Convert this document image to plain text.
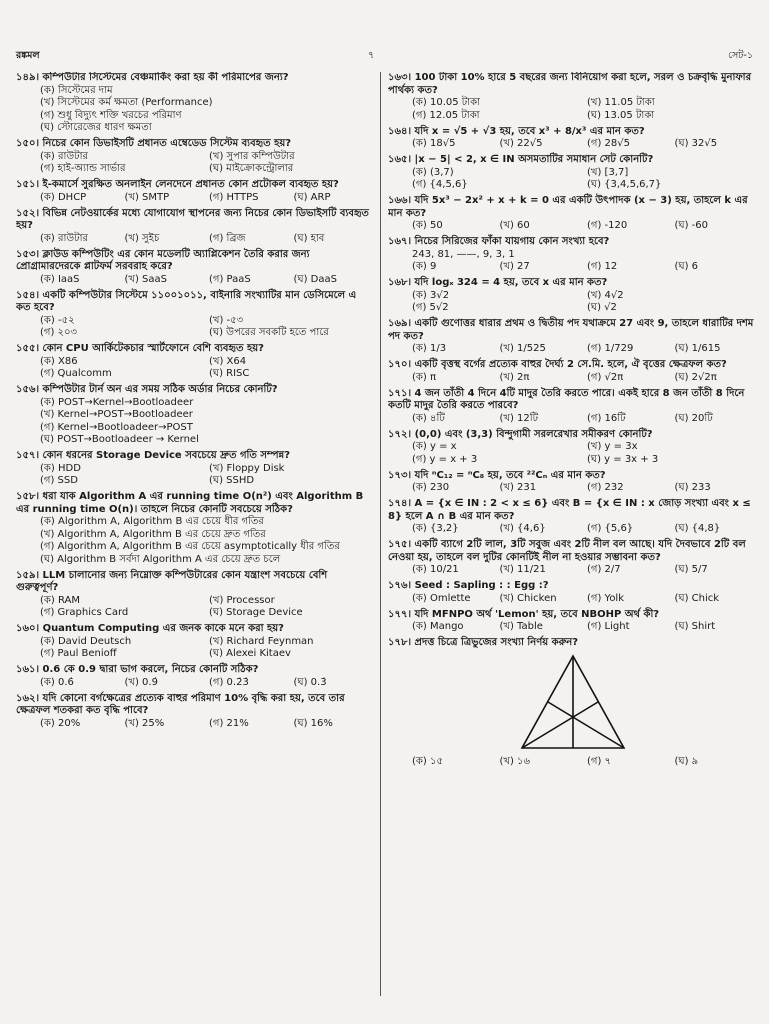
রঙ্কমল	৭	সেট-১
১৪৯। কম্পিউটার সিস্টেমের বেঞ্চমার্কিং করা হয় কী পরিমাপের জন্য?
(ক) সিস্টেমের দাম
(খ) সিস্টেমের কর্ম ক্ষমতা (Performance)
(গ) শুধু বিদ্যুৎ শক্তি খরচের পরিমাণ
(ঘ) স্টোরেজের ধারণ ক্ষমতা
১৫০। নিচের কোন ডিভাইসটি প্রধানত এম্বেডেড সিস্টেম ব্যবহৃত হয়?
(ক) রাউটার	(খ) সুপার কম্পিউটার
(গ) হাই-অ্যান্ড সার্ভার	(ঘ) মাইক্রোকন্ট্রোলার
১৫১। ই-কমার্সে সুরক্ষিত অনলাইন লেনদেনে প্রধানত কোন প্রটোকল ব্যবহৃত হয়?
(ক) DHCP	(খ) SMTP	(গ) HTTPS	(ঘ) ARP
১৫২। বিভিন্ন নেটওয়ার্কের মধ্যে যোগাযোগ স্থাপনের জন্য নিচের কোন ডিভাইসটি ব্যবহৃত হয়?
(ক) রাউটার	(খ) সুইচ	(গ) ব্রিজ	(ঘ) হাব
১৫৩। ক্লাউড কম্পিউটিং এর কোন মডেলটি অ্যাপ্লিকেশন তৈরি করার জন্য প্রোগ্রামারদেরকে প্লাটফর্ম সরবরাহ করে?
(ক) IaaS	(খ) SaaS	(গ) PaaS	(ঘ) DaaS
১৫৪। একটি কম্পিউটার সিস্টেমে ১১০০১০১১, বাইনারি সংখ্যাটির মান ডেসিমেলে এ কত হবে?
(ক) -৫২	(খ) -৫৩
(গ) ২০৩	(ঘ) উপরের সবকটি হতে পারে
১৫৫। কোন CPU আর্কিটেকচার স্মার্টফোনে বেশি ব্যবহৃত হয়?
(ক) X86	(খ) X64
(গ) Qualcomm	(ঘ) RISC
১৫৬। কম্পিউটার টার্ন অন এর সময় সঠিক অর্ডার নিচের কোনটি?
(ক) POST→Kernel→Bootloadeer
(খ) Kernel→POST→Bootloadeer
(গ) Kernel→Bootloadeer→POST
(ঘ) POST→Bootloadeer → Kernel
১৫৭। কোন ধরনের Storage Device সবচেয়ে দ্রুত গতি সম্পন্ন?
(ক) HDD	(খ) Floppy Disk
(গ) SSD	(ঘ) SSHD
১৫৮। ধরা যাক Algorithm A এর running time O(n²) এবং Algorithm B এর running time O(n)। তাহলে নিচের কোনটি সবচেয়ে সঠিক?
(ক) Algorithm A, Algorithm B এর চেয়ে ধীর গতির
(খ) Algorithm A, Algorithm B এর চেয়ে দ্রুত গতির
(গ) Algorithm A, Algorithm B এর চেয়ে asymptotically ধীর গতির
(ঘ) Algorithm B সর্বদা Algorithm A এর চেয়ে দ্রুত চলে
১৫৯। LLM চালানোর জন্য নিম্নোক্ত কম্পিউটারের কোন যন্ত্রাংশ সবচেয়ে বেশি গুরুত্বপূর্ণ?
(ক) RAM	(খ) Processor
(গ) Graphics Card	(ঘ) Storage Device
১৬০। Quantum Computing এর জনক কাকে মনে করা হয়?
(ক) David Deutsch	(খ) Richard Feynman
(গ) Paul Benioff	(ঘ) Alexei Kitaev
১৬১। 0.6 কে 0.9 দ্বারা ভাগ করলে, নিচের কোনটি সঠিক?
(ক) 0.6̇	(খ) 0.9̇	(গ) 0.2̇3̇	(ঘ) 0.3̇
১৬২। যদি কোনো বর্গক্ষেত্রের প্রত্যেক বাহুর পরিমাণ 10% বৃদ্ধি করা হয়, তবে তার ক্ষেত্রফল শতকরা কত বৃদ্ধি পাবে?
(ক) 20%	(খ) 25%	(গ) 21%	(ঘ) 16%
১৬৩। 100 টাকা 10% হারে 5 বছরের জন্য বিনিয়োগ করা হলে, সরল ও চক্রবৃদ্ধি মুনাফার পার্থক্য কত?
(ক) 10.05 টাকা	(খ) 11.05 টাকা
(গ) 12.05 টাকা	(ঘ) 13.05 টাকা
১৬৪। যদি x = √5 + √3 হয়, তবে x³ + 8/x³ এর মান কত?
(ক) 18√5	(খ) 22√5	(গ) 28√5	(ঘ) 32√5
১৬৫। |x − 5| < 2, x ∈ IN অসমতাটির সমাধান সেট কোনটি?
(ক) (3,7)	(খ) [3,7]
(গ) {4,5,6}	(ঘ) {3,4,5,6,7}
১৬৬। যদি 5x³ − 2x² + x + k = 0 এর একটি উৎপাদক (x − 3) হয়, তাহলে k এর মান কত?
(ক) 50	(খ) 60	(গ) -120	(ঘ) -60
১৬৭। নিচের সিরিজের ফাঁকা যায়গায় কোন সংখ্যা হবে?
243, 81, ——, 9, 3, 1
(ক) 9	(খ) 27	(গ) 12	(ঘ) 6
১৬৮। যদি logₓ 324 = 4 হয়, তবে x এর মান কত?
(ক) 3√2	(খ) 4√2
(গ) 5√2	(ঘ) √2
১৬৯। একটি গুণোত্তর ধারার প্রথম ও দ্বিতীয় পদ যথাক্রমে 27 এবং 9, তাহলে ধারাটির দশম পদ কত?
(ক) 1/3	(খ) 1/525	(গ) 1/729	(ঘ) 1/615
১৭০। একটি বৃত্তস্থ বর্গের প্রত্যেক বাহুর দৈর্ঘ্য 2 সে.মি. হলে, ঐ বৃত্তের ক্ষেত্রফল কত?
(ক) π	(খ) 2π	(গ) √2π	(ঘ) 2√2π
১৭১। 4 জন তাঁতী 4 দিনে 4টি মাদুর তৈরি করতে পারে। একই হারে 8 জন তাঁতী 8 দিনে কতটি মাদুর তৈরি করতে পারবে?
(ক) ৪টি	(খ) 12টি	(গ) 16টি	(ঘ) 20টি
১৭২। (0,0) এবং (3,3) বিন্দুগামী সরলরেখার সমীকরণ কোনটি?
(ক) y = x	(খ) y = 3x
(গ) y = x + 3	(ঘ) y = 3x + 3
১৭৩। যদি ⁿC₁₂ = ⁿC₈ হয়, তবে ²²Cₙ এর মান কত?
(ক) 230	(খ) 231	(গ) 232	(ঘ) 233
১৭৪। A = {x ∈ IN : 2 < x ≤ 6} এবং B = {x ∈ IN : x জোড় সংখ্যা এবং x ≤ 8} হলে A ∩ B এর মান কত?
(ক) {3,2}	(খ) {4,6}	(গ) {5,6}	(ঘ) {4,8}
১৭৫। একটি ব্যাগে 2টি লাল, 3টি সবুজ এবং 2টি নীল বল আছে। যদি দৈবভাবে 2টি বল নেওয়া হয়, তাহলে বল দুটির কোনটিই নীল না হওয়ার সম্ভাবনা কত?
(ক) 10/21	(খ) 11/21	(গ) 2/7	(ঘ) 5/7
১৭৬। Seed : Sapling : : Egg :?
(ক) Omlette	(খ) Chicken	(গ) Yolk	(ঘ) Chick
১৭৭। যদি MFNPO অর্থ 'Lemon' হয়, তবে NBOHP অর্থ কী?
(ক) Mango	(খ) Table	(গ) Light	(ঘ) Shirt
১৭৮। প্রদত্ত চিত্রে ত্রিভুজের সংখ্যা নির্ণয় করুন?
(ক) ১৫	(খ) ১৬	(গ) ৭	(ঘ) ৯
